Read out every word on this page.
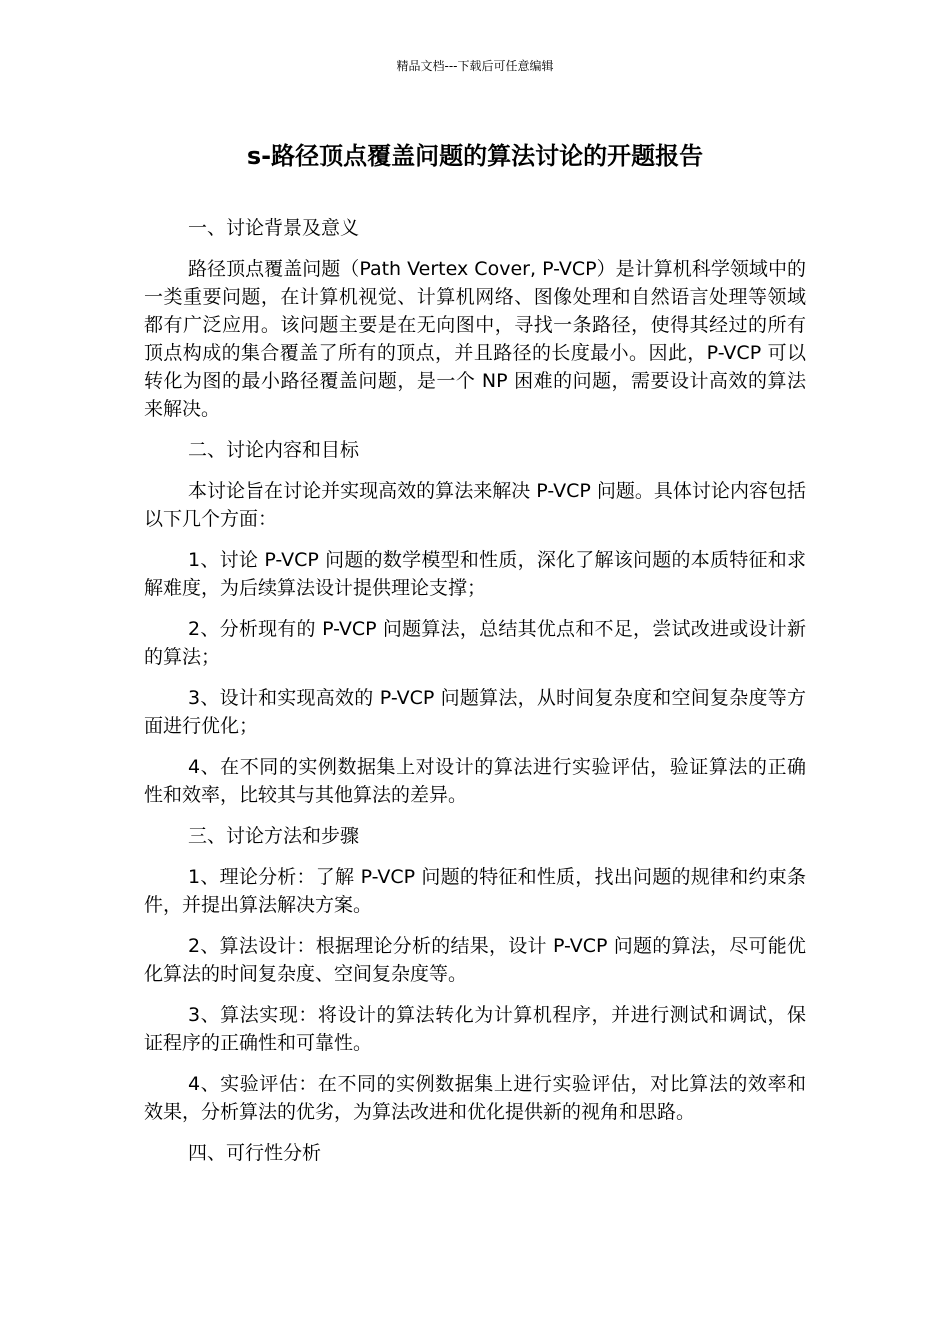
精品文档---下载后可任意编辑
s-路径顶点覆盖问题的算法讨论的开题报告

一、讨论背景及意义

路径顶点覆盖问题（Path Vertex Cover, P-VCP）是计算机科学领域中的一类重要问题，在计算机视觉、计算机网络、图像处理和自然语言处理等领域都有广泛应用。该问题主要是在无向图中，寻找一条路径，使得其经过的所有顶点构成的集合覆盖了所有的顶点，并且路径的长度最小。因此，P-VCP 可以转化为图的最小路径覆盖问题，是一个 NP 困难的问题，需要设计高效的算法来解决。

二、讨论内容和目标

本讨论旨在讨论并实现高效的算法来解决 P-VCP 问题。具体讨论内容包括以下几个方面：

1、讨论 P-VCP 问题的数学模型和性质，深化了解该问题的本质特征和求解难度，为后续算法设计提供理论支撑；

2、分析现有的 P-VCP 问题算法，总结其优点和不足，尝试改进或设计新的算法；

3、设计和实现高效的 P-VCP 问题算法，从时间复杂度和空间复杂度等方面进行优化；

4、在不同的实例数据集上对设计的算法进行实验评估，验证算法的正确性和效率，比较其与其他算法的差异。

三、讨论方法和步骤

1、理论分析：了解 P-VCP 问题的特征和性质，找出问题的规律和约束条件，并提出算法解决方案。

2、算法设计：根据理论分析的结果，设计 P-VCP 问题的算法，尽可能优化算法的时间复杂度、空间复杂度等。

3、算法实现：将设计的算法转化为计算机程序，并进行测试和调试，保证程序的正确性和可靠性。

4、实验评估：在不同的实例数据集上进行实验评估，对比算法的效率和效果，分析算法的优劣，为算法改进和优化提供新的视角和思路。

四、可行性分析
